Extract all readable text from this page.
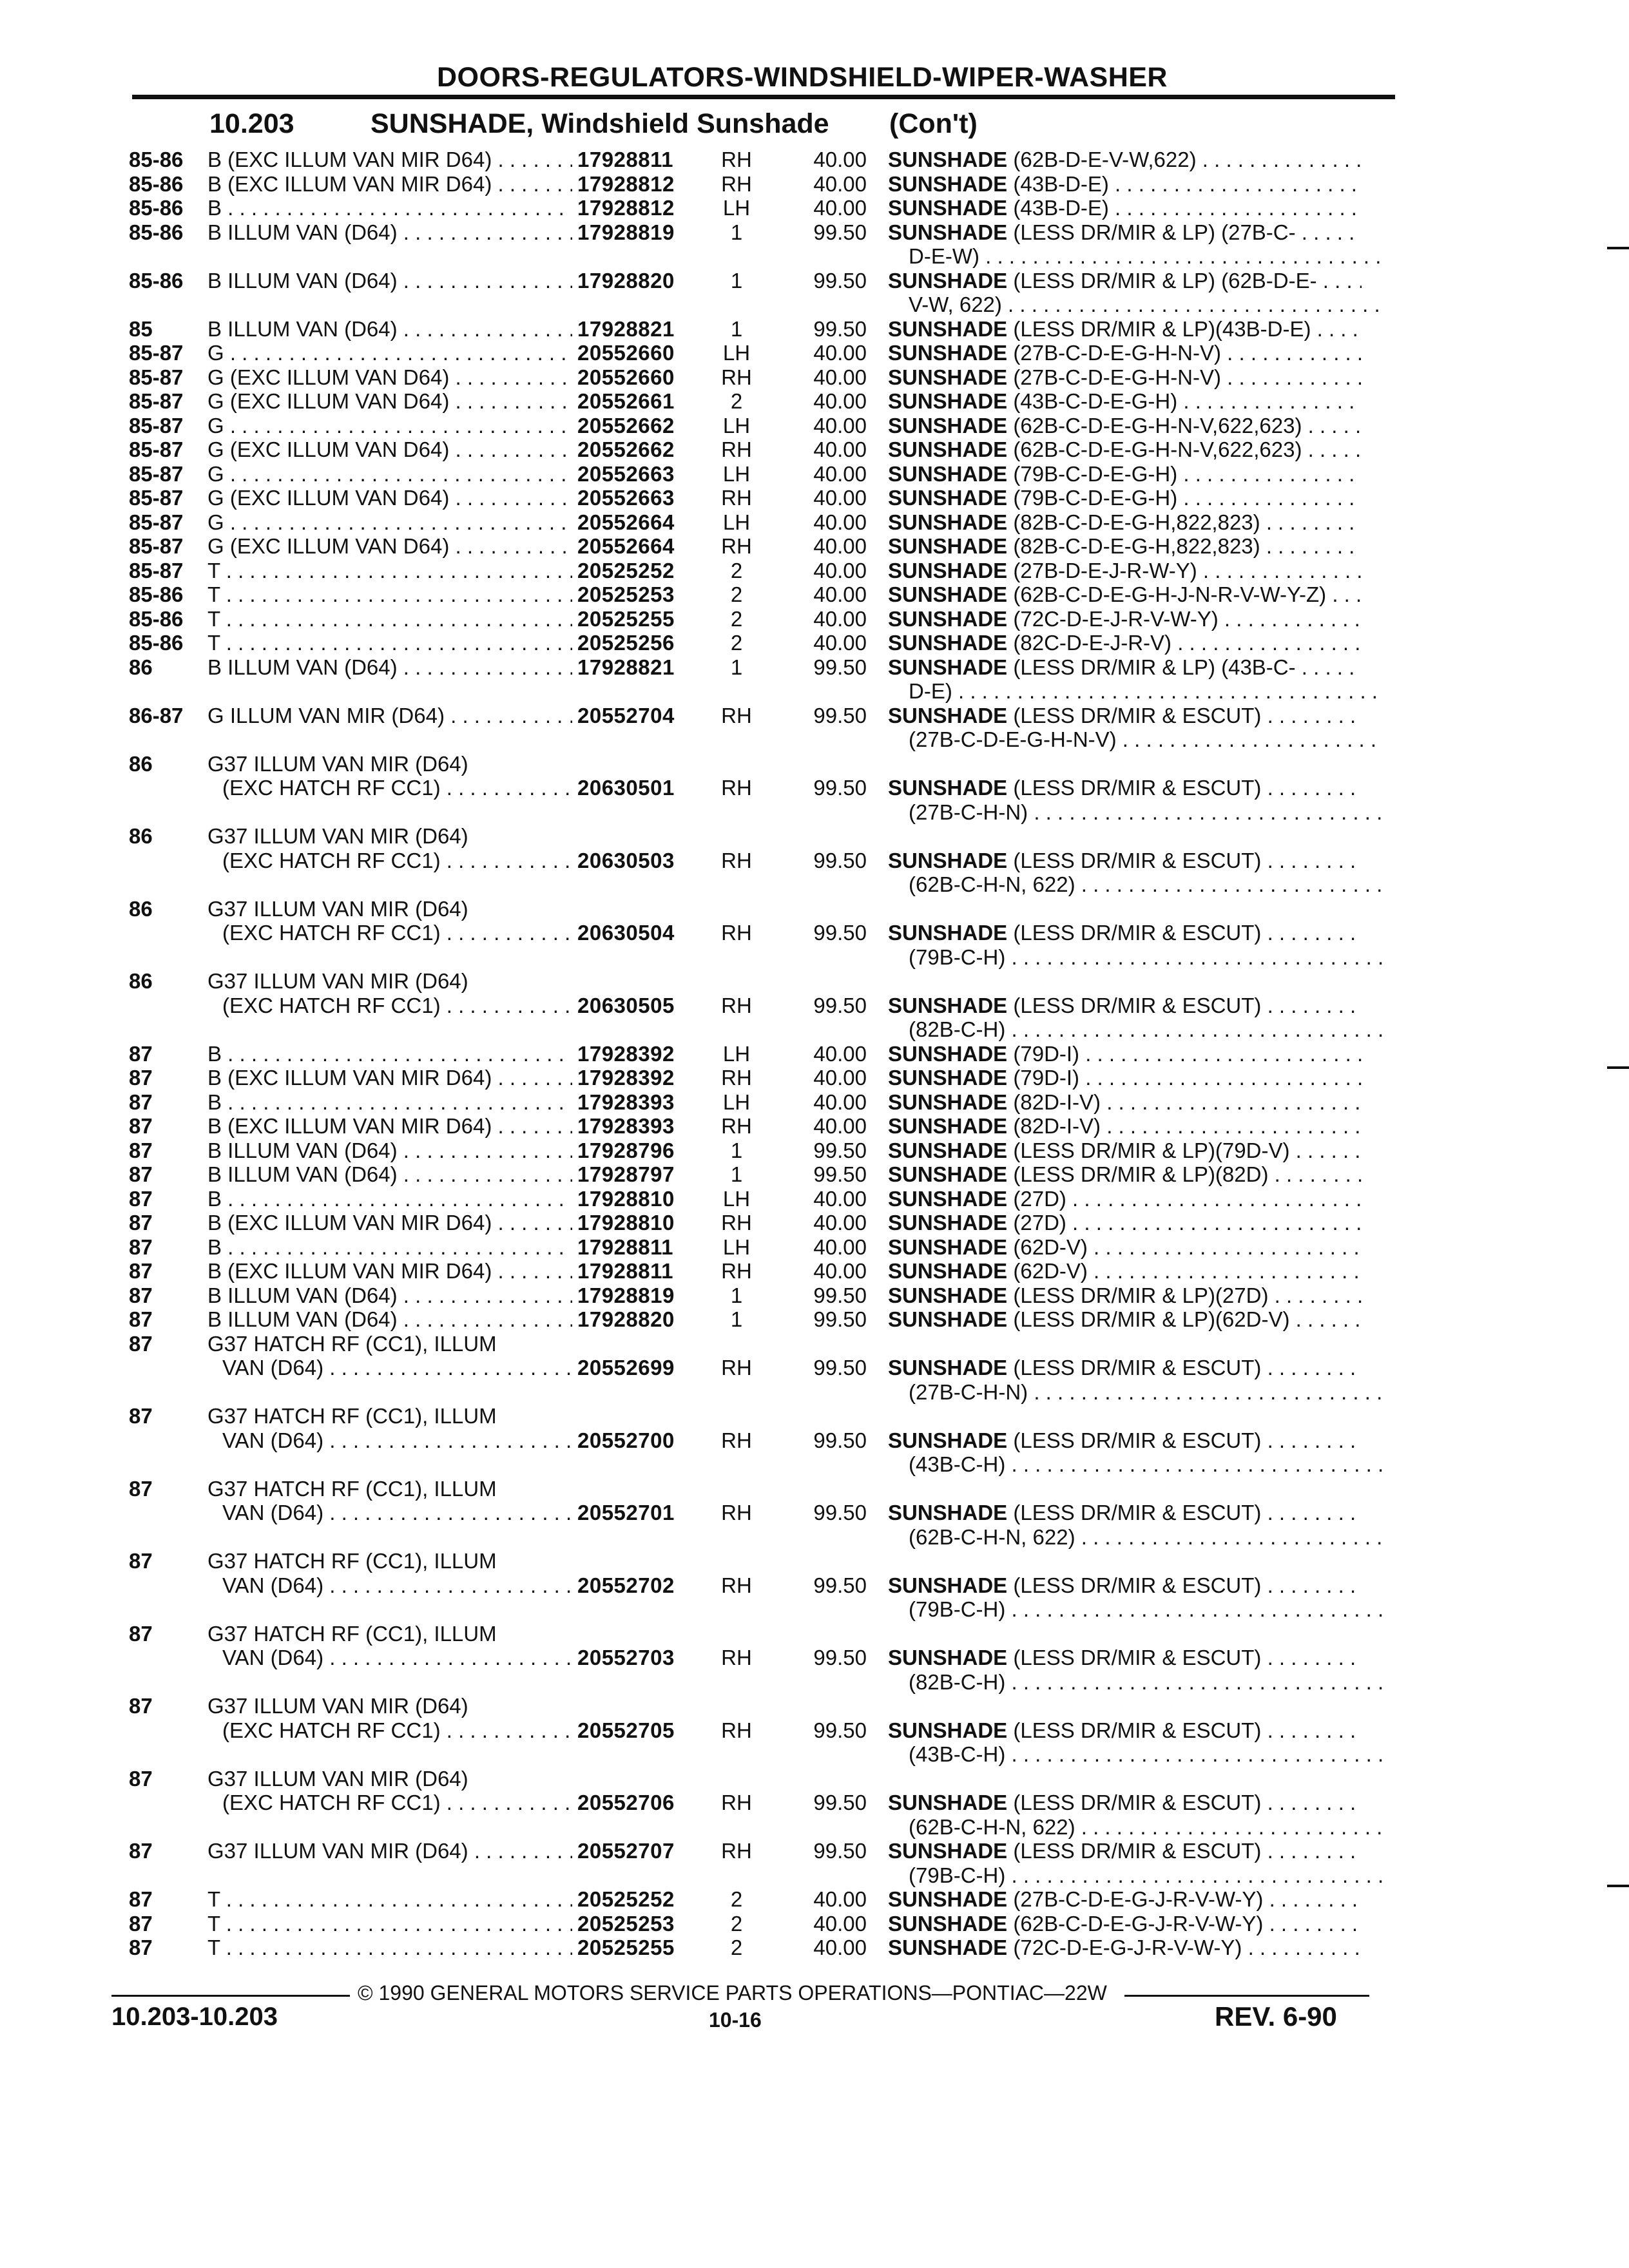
DOORS-REGULATORS-WINDSHIELD-WIPER-WASHER
10.203	SUNSHADE, Windshield Sunshade (Con't)
85-86 B (EXC ILLUM VAN MIR D64) . . .	17928811	RH	40.00 SUNSHADE (62B-D-E-V-W,622) . . .
85-86 B (EXC ILLUM VAN MIR D64) . . .	17928812	RH	40.00 SUNSHADE (43B-D-E) . . .
85-86 B . . .	17928812	LH	40.00 SUNSHADE (43B-D-E) . . .
85-86 B ILLUM VAN (D64) . . .	17928819	1	99.50 SUNSHADE (LESS DR/MIR & LP) (27B-C- . . .
D-E-W) . . .
85-86 B ILLUM VAN (D64) . . .	17928820	1	99.50 SUNSHADE (LESS DR/MIR & LP) (62B-D-E- . . .
V-W, 622) . . .
85	B ILLUM VAN (D64) . . .	17928821	1	99.50 SUNSHADE (LESS DR/MIR & LP)(43B-D-E) . . .
85-87 G . . .	20552660	LH	40.00 SUNSHADE (27B-C-D-E-G-H-N-V) . . .
85-87 G (EXC ILLUM VAN D64) . . .	20552660	RH	40.00 SUNSHADE (27B-C-D-E-G-H-N-V) . . .
85-87 G (EXC ILLUM VAN D64) . . .	20552661	2	40.00 SUNSHADE (43B-C-D-E-G-H) . . .
85-87 G . . .	20552662	LH	40.00 SUNSHADE (62B-C-D-E-G-H-N-V,622,623) . . .
85-87 G (EXC ILLUM VAN D64) . . .	20552662	RH	40.00 SUNSHADE (62B-C-D-E-G-H-N-V,622,623) . . .
85-87 G . . .	20552663	LH	40.00 SUNSHADE (79B-C-D-E-G-H) . . .
85-87 G (EXC ILLUM VAN D64) . . .	20552663	RH	40.00 SUNSHADE (79B-C-D-E-G-H) . . .
85-87 G . . .	20552664	LH	40.00 SUNSHADE (82B-C-D-E-G-H,822,823) . . .
85-87 G (EXC ILLUM VAN D64) . . .	20552664	RH	40.00 SUNSHADE (82B-C-D-E-G-H,822,823) . . .
85-87 T . . .	20525252	2	40.00 SUNSHADE (27B-D-E-J-R-W-Y) . . .
85-86 T . . .	20525253	2	40.00 SUNSHADE (62B-C-D-E-G-H-J-N-R-V-W-Y-Z) . . .
85-86 T . . .	20525255	2	40.00 SUNSHADE (72C-D-E-J-R-V-W-Y) . . .
85-86 T . . .	20525256	2	40.00 SUNSHADE (82C-D-E-J-R-V) . . .
86	B ILLUM VAN (D64) . . .	17928821	1	99.50 SUNSHADE (LESS DR/MIR & LP) (43B-C- . . .
D-E) . . .
86-87 G ILLUM VAN MIR (D64) . . .	20552704	RH	99.50 SUNSHADE (LESS DR/MIR & ESCUT) . . .
(27B-C-D-E-G-H-N-V) . . .
86	G37 ILLUM VAN MIR (D64)
(EXC HATCH RF CC1) . . .	20630501	RH	99.50 SUNSHADE (LESS DR/MIR & ESCUT) . . .
(27B-C-H-N) . . .
86	G37 ILLUM VAN MIR (D64)
(EXC HATCH RF CC1) . . .	20630503	RH	99.50 SUNSHADE (LESS DR/MIR & ESCUT) . . .
(62B-C-H-N, 622) . . .
86	G37 ILLUM VAN MIR (D64)
(EXC HATCH RF CC1) . . .	20630504	RH	99.50 SUNSHADE (LESS DR/MIR & ESCUT) . . .
(79B-C-H) . . .
86	G37 ILLUM VAN MIR (D64)
(EXC HATCH RF CC1) . . .	20630505	RH	99.50 SUNSHADE (LESS DR/MIR & ESCUT) . . .
(82B-C-H) . . .
87	B . . .	17928392	LH	40.00 SUNSHADE (79D-I) . . .
87	B (EXC ILLUM VAN MIR D64) . . .	17928392	RH	40.00 SUNSHADE (79D-I) . . .
87	B . . .	17928393	LH	40.00 SUNSHADE (82D-I-V) . . .
87	B (EXC ILLUM VAN MIR D64) . . .	17928393	RH	40.00 SUNSHADE (82D-I-V) . . .
87	B ILLUM VAN (D64) . . .	17928796	1	99.50 SUNSHADE (LESS DR/MIR & LP)(79D-V) . . .
87	B ILLUM VAN (D64) . . .	17928797	1	99.50 SUNSHADE (LESS DR/MIR & LP)(82D) . . .
87	B . . .	17928810	LH	40.00 SUNSHADE (27D) . . .
87	B (EXC ILLUM VAN MIR D64) . . .	17928810	RH	40.00 SUNSHADE (27D) . . .
87	B . . .	17928811	LH	40.00 SUNSHADE (62D-V) . . .
87	B (EXC ILLUM VAN MIR D64) . . .	17928811	RH	40.00 SUNSHADE (62D-V) . . .
87	B ILLUM VAN (D64) . . .	17928819	1	99.50 SUNSHADE (LESS DR/MIR & LP)(27D) . . .
87	B ILLUM VAN (D64) . . .	17928820	1	99.50 SUNSHADE (LESS DR/MIR & LP)(62D-V) . . .
87	G37 HATCH RF (CC1), ILLUM
VAN (D64) . . .	20552699	RH	99.50 SUNSHADE (LESS DR/MIR & ESCUT) . . .
(27B-C-H-N) . . .
87	G37 HATCH RF (CC1), ILLUM
VAN (D64) . . .	20552700	RH	99.50 SUNSHADE (LESS DR/MIR & ESCUT) . . .
(43B-C-H) . . .
87	G37 HATCH RF (CC1), ILLUM
VAN (D64) . . .	20552701	RH	99.50 SUNSHADE (LESS DR/MIR & ESCUT) . . .
(62B-C-H-N, 622) . . .
87	G37 HATCH RF (CC1), ILLUM
VAN (D64) . . .	20552702	RH	99.50 SUNSHADE (LESS DR/MIR & ESCUT) . . .
(79B-C-H) . . .
87	G37 HATCH RF (CC1), ILLUM
VAN (D64) . . .	20552703	RH	99.50 SUNSHADE (LESS DR/MIR & ESCUT) . . .
(82B-C-H) . . .
87	G37 ILLUM VAN MIR (D64)
(EXC HATCH RF CC1) . . .	20552705	RH	99.50 SUNSHADE (LESS DR/MIR & ESCUT) . . .
(43B-C-H) . . .
87	G37 ILLUM VAN MIR (D64)
(EXC HATCH RF CC1) . . .	20552706	RH	99.50 SUNSHADE (LESS DR/MIR & ESCUT) . . .
(62B-C-H-N, 622) . . .
87	G37 ILLUM VAN MIR (D64) . . .	20552707	RH	99.50 SUNSHADE (LESS DR/MIR & ESCUT) . . .
(79B-C-H) . . .
87	T . . .	20525252	2	40.00 SUNSHADE (27B-C-D-E-G-J-R-V-W-Y) . . .
87	T . . .	20525253	2	40.00 SUNSHADE (62B-C-D-E-G-J-R-V-W-Y) . . .
87	T . . .	20525255	2	40.00 SUNSHADE (72C-D-E-G-J-R-V-W-Y) . . .
© 1990 GENERAL MOTORS SERVICE PARTS OPERATIONS—PONTIAC—22W
10.203-10.203	10-16	REV. 6-90
